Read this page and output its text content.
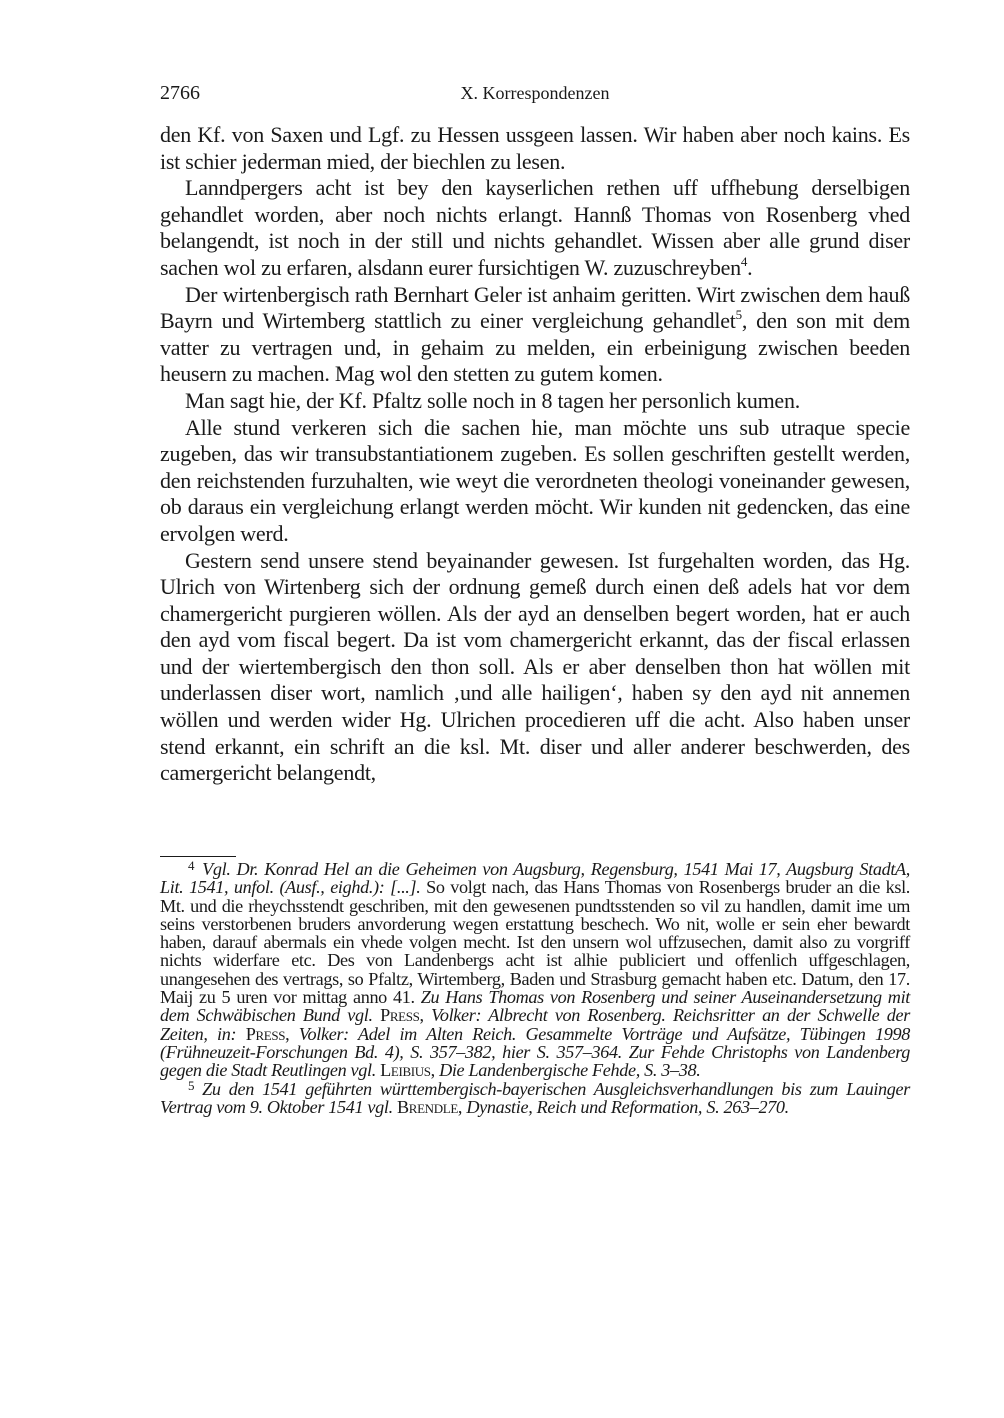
2766	X. Korrespondenzen

den Kf. von Saxen und Lgf. zu Hessen ussgeen lassen. Wir haben aber noch kains. Es ist schier jederman mied, der biechlen zu lesen.

Lanndpergers acht ist bey den kayserlichen rethen uff uffhebung derselbigen gehandlet worden, aber noch nichts erlangt. Hannß Thomas von Rosenberg vhed belangendt, ist noch in der still und nichts gehandlet. Wissen aber alle grund diser sachen wol zu erfaren, alsdann eurer fursichtigen W. zuzuschreyben$^4$.

Der wirtenbergisch rath Bernhart Geler ist anhaim geritten. Wirt zwischen dem hauß Bayrn und Wirtemberg stattlich zu einer vergleichung gehandlet$^5$, den son mit dem vatter zu vertragen und, in gehaim zu melden, ein erbeinigung zwischen beeden heusern zu machen. Mag wol den stetten zu gutem komen.

Man sagt hie, der Kf. Pfaltz solle noch in 8 tagen her personlich kumen.

Alle stund verkeren sich die sachen hie, man möchte uns sub utraque specie zugeben, das wir transubstantiationem zugeben. Es sollen geschriften gestellt werden, den reichstenden furzuhalten, wie weyt die verordneten theologi voneinander gewesen, ob daraus ein vergleichung erlangt werden möcht. Wir kunden nit gedencken, das eine ervolgen werd.

Gestern send unsere stend beyainander gewesen. Ist furgehalten worden, das Hg. Ulrich von Wirtenberg sich der ordnung gemeß durch einen deß adels hat vor dem chamergericht purgieren wöllen. Als der ayd an denselben begert worden, hat er auch den ayd vom fiscal begert. Da ist vom chamergericht erkannt, das der fiscal erlassen und der wiertembergisch den thon soll. Als er aber denselben thon hat wöllen mit underlassen diser wort, namlich ‚und alle hailigen‘, haben sy den ayd nit annemen wöllen und werden wider Hg. Ulrichen procedieren uff die acht. Also haben unser stend erkannt, ein schrift an die ksl. Mt. diser und aller anderer beschwerden, des camergericht belangendt,

$^4$ Vgl. Dr. Konrad Hel an die Geheimen von Augsburg, Regensburg, 1541 Mai 17, Augsburg StadtA, Lit. 1541, unfol. (Ausf., eighd.): [...]. So volgt nach, das Hans Thomas von Rosenbergs bruder an die ksl. Mt. und die rheychsstendt geschriben, mit den gewesenen pundtsstenden so vil zu handlen, damit ime um seins verstorbenen bruders anvorderung wegen erstattung beschech. Wo nit, wolle er sein eher bewardt haben, darauf abermals ein vhede volgen mecht. Ist den unsern wol uffzusechen, damit also zu vorgriff nichts widerfare etc. Des von Landenbergs acht ist alhie publiciert und offenlich uffgeschlagen, unangesehen des vertrags, so Pfaltz, Wirtemberg, Baden und Strasburg gemacht haben etc. Datum, den 17. Maij zu 5 uren vor mittag anno 41. Zu Hans Thomas von Rosenberg und seiner Auseinandersetzung mit dem Schwäbischen Bund vgl. Press, Volker: Albrecht von Rosenberg. Reichsritter an der Schwelle der Zeiten, in: Press, Volker: Adel im Alten Reich. Gesammelte Vorträge und Aufsätze, Tübingen 1998 (Frühneuzeit-Forschungen Bd. 4), S. 357–382, hier S. 357–364. Zur Fehde Christophs von Landenberg gegen die Stadt Reutlingen vgl. Leibius, Die Landenbergische Fehde, S. 3–38.

$^5$ Zu den 1541 geführten württembergisch-bayerischen Ausgleichsverhandlungen bis zum Lauinger Vertrag vom 9. Oktober 1541 vgl. Brendle, Dynastie, Reich und Reformation, S. 263–270.
